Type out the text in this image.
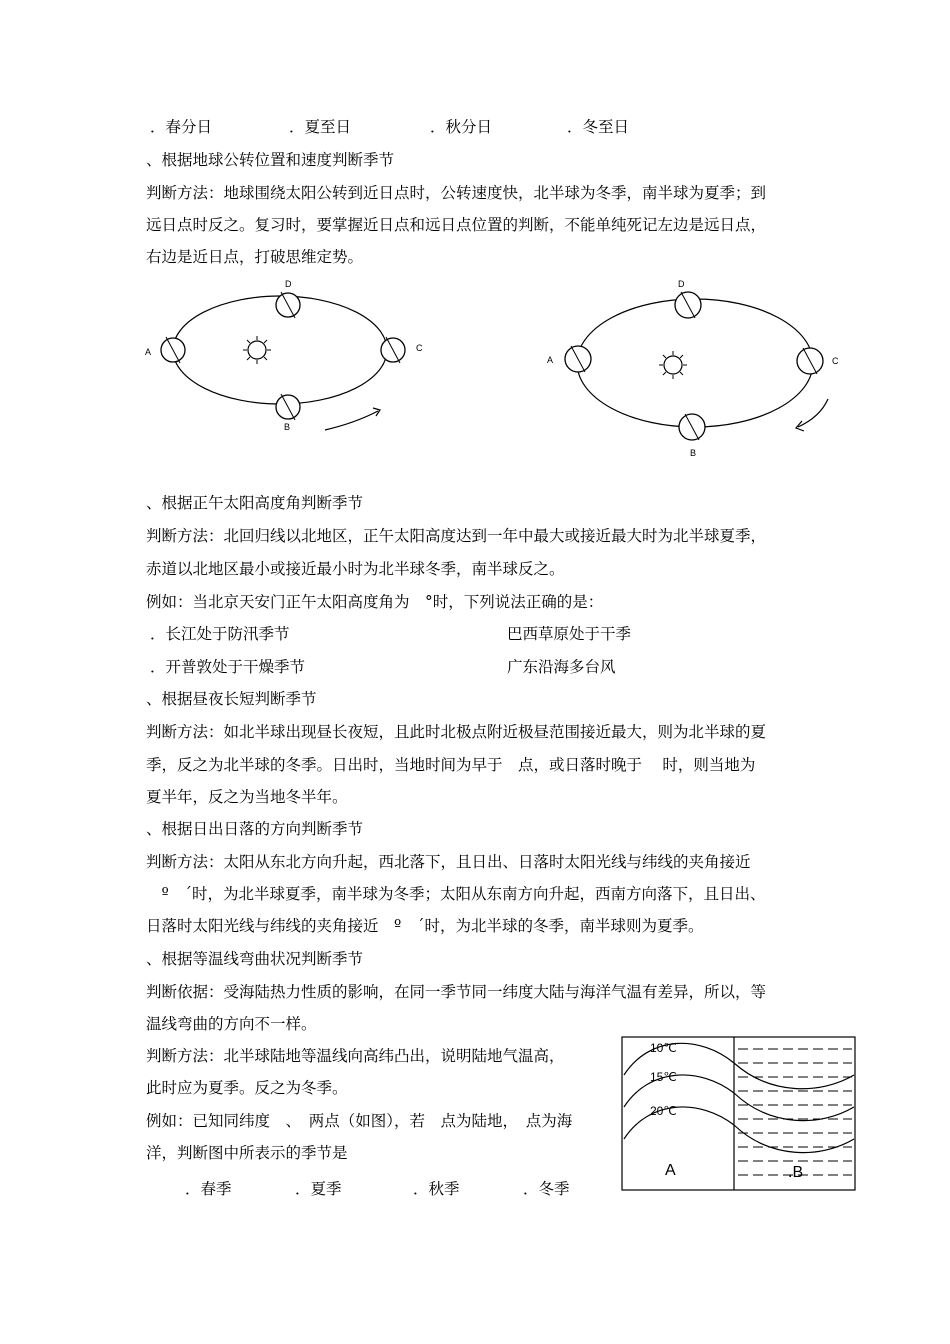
．春分日	．夏至日	．秋分日	．冬至日
、根据地球公转位置和速度判断季节
判断方法：地球围绕太阳公转到近日点时，公转速度快，北半球为冬季，南半球为夏季；到
远日点时反之。复习时，要掌握近日点和远日点位置的判断，不能单纯死记左边是远日点，
右边是近日点，打破思维定势。
A
B
C
D
A
B
C
D
、根据正午太阳高度角判断季节
判断方法：北回归线以北地区，正午太阳高度达到一年中最大或接近最大时为北半球夏季，
赤道以北地区最小或接近最小时为北半球冬季，南半球反之。
例如：当北京天安门正午太阳高度角为　°时，下列说法正确的是：
．长江处于防汛季节	巴西草原处于干季
．开普敦处于干燥季节	广东沿海多台风
、根据昼夜长短判断季节
判断方法：如北半球出现昼长夜短，且此时北极点附近极昼范围接近最大，则为北半球的夏
季，反之为北半球的冬季。日出时，当地时间为早于　点，或日落时晚于　 时，则当地为
夏半年，反之为当地冬半年。
、根据日出日落的方向判断季节
判断方法：太阳从东北方向升起，西北落下，且日出、日落时太阳光线与纬线的夹角接近
　º　´时，为北半球夏季，南半球为冬季；太阳从东南方向升起，西南方向落下，且日出、
日落时太阳光线与纬线的夹角接近　º　´时，为北半球的冬季，南半球则为夏季。
、根据等温线弯曲状况判断季节
判断依据：受海陆热力性质的影响，在同一季节同一纬度大陆与海洋气温有差异，所以，等
温线弯曲的方向不一样。
判断方法：北半球陆地等温线向高纬凸出，说明陆地气温高，
此时应为夏季。反之为冬季。
例如：已知同纬度　、　两点（如图），若　点为陆地，　点为海
洋，判断图中所表示的季节是
．春季	．夏季	．秋季	．冬季
10℃
15℃
20℃
A	.B
